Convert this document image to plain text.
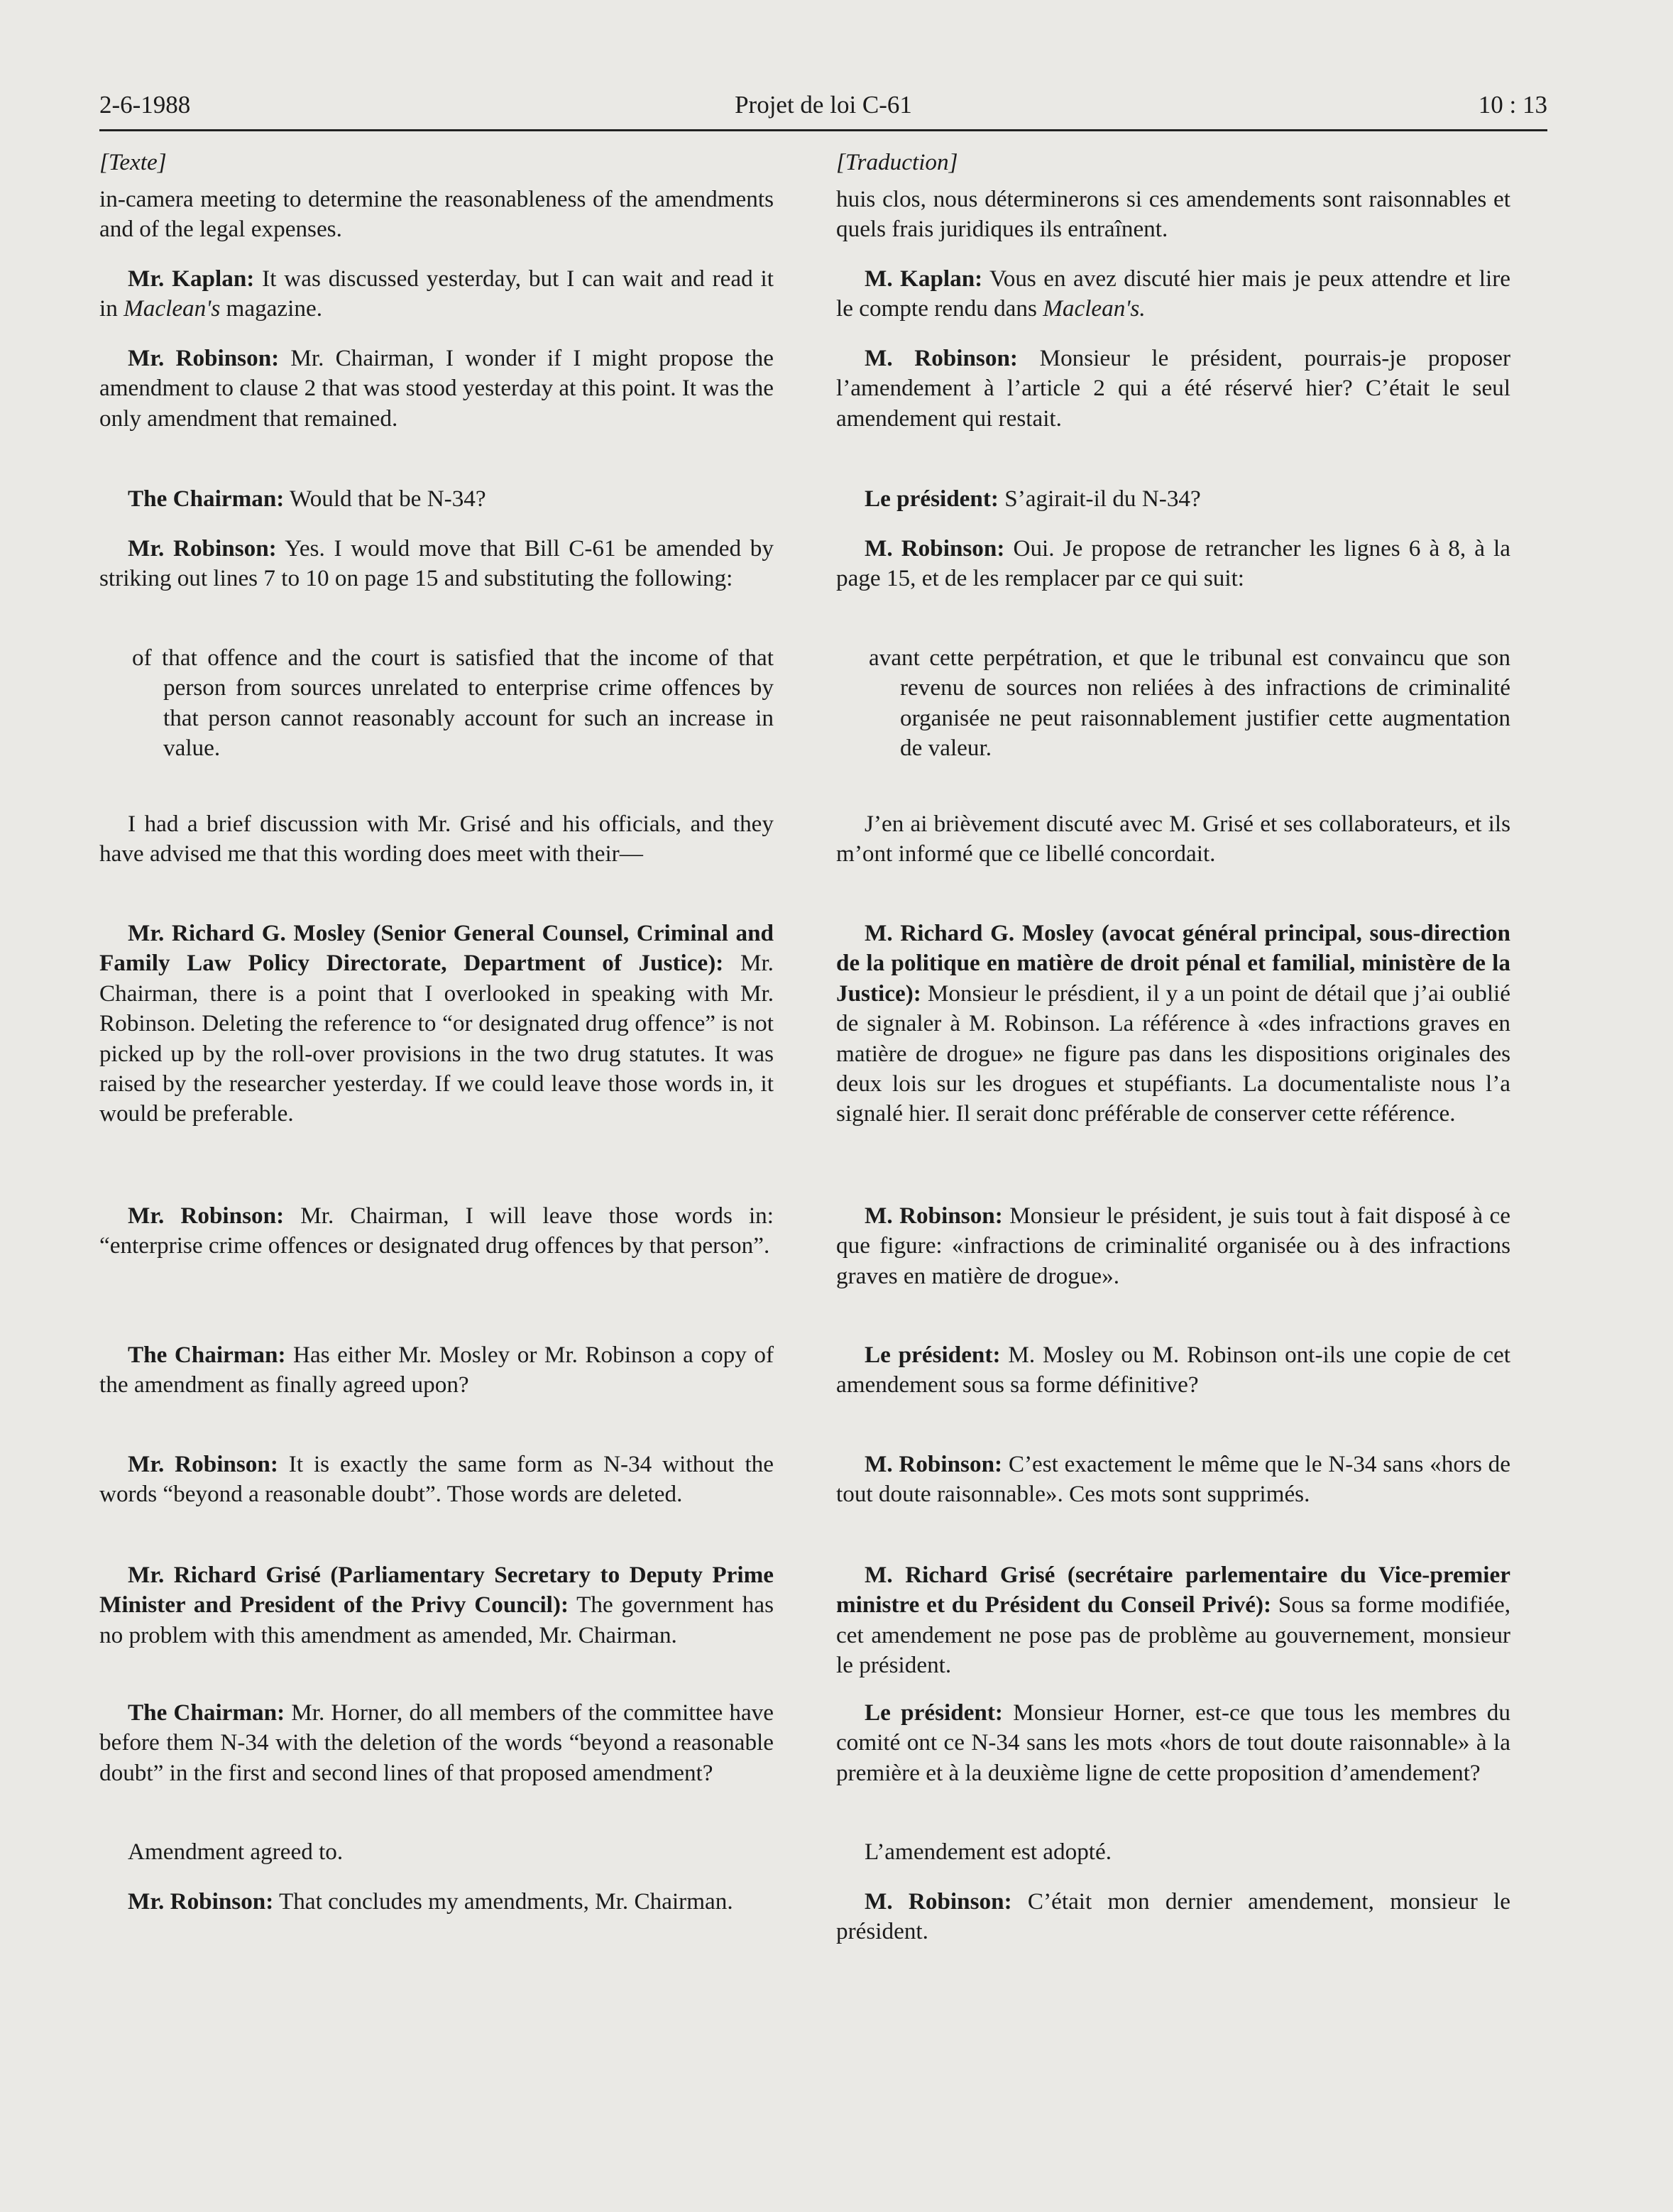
2-6-1988	Projet de loi C-61	10 : 13

[Texte]

in-camera meeting to determine the reasonableness of the amendments and of the legal expenses.

Mr. Kaplan: It was discussed yesterday, but I can wait and read it in Maclean's magazine.

Mr. Robinson: Mr. Chairman, I wonder if I might propose the amendment to clause 2 that was stood yesterday at this point. It was the only amendment that remained.

The Chairman: Would that be N-34?

Mr. Robinson: Yes. I would move that Bill C-61 be amended by striking out lines 7 to 10 on page 15 and substituting the following:

of that offence and the court is satisfied that the income of that person from sources unrelated to enterprise crime offences by that person cannot reasonably account for such an increase in value.

I had a brief discussion with Mr. Grisé and his officials, and they have advised me that this wording does meet with their—

Mr. Richard G. Mosley (Senior General Counsel, Criminal and Family Law Policy Directorate, Department of Justice): Mr. Chairman, there is a point that I overlooked in speaking with Mr. Robinson. Deleting the reference to “or designated drug offence” is not picked up by the roll-over provisions in the two drug statutes. It was raised by the researcher yesterday. If we could leave those words in, it would be preferable.

Mr. Robinson: Mr. Chairman, I will leave those words in: “enterprise crime offences or designated drug offences by that person”.

The Chairman: Has either Mr. Mosley or Mr. Robinson a copy of the amendment as finally agreed upon?

Mr. Robinson: It is exactly the same form as N-34 without the words “beyond a reasonable doubt”. Those words are deleted.

Mr. Richard Grisé (Parliamentary Secretary to Deputy Prime Minister and President of the Privy Council): The government has no problem with this amendment as amended, Mr. Chairman.

The Chairman: Mr. Horner, do all members of the committee have before them N-34 with the deletion of the words “beyond a reasonable doubt” in the first and second lines of that proposed amendment?

Amendment agreed to.

Mr. Robinson: That concludes my amendments, Mr. Chairman.

[Traduction]

huis clos, nous déterminerons si ces amendements sont raisonnables et quels frais juridiques ils entraînent.

M. Kaplan: Vous en avez discuté hier mais je peux attendre et lire le compte rendu dans Maclean's.

M. Robinson: Monsieur le président, pourrais-je proposer l’amendement à l’article 2 qui a été réservé hier? C’était le seul amendement qui restait.

Le président: S’agirait-il du N-34?

M. Robinson: Oui. Je propose de retrancher les lignes 6 à 8, à la page 15, et de les remplacer par ce qui suit:

avant cette perpétration, et que le tribunal est convaincu que son revenu de sources non reliées à des infractions de criminalité organisée ne peut raisonnablement justifier cette augmentation de valeur.

J’en ai brièvement discuté avec M. Grisé et ses collaborateurs, et ils m’ont informé que ce libellé concordait.

M. Richard G. Mosley (avocat général principal, sous-direction de la politique en matière de droit pénal et familial, ministère de la Justice): Monsieur le présdient, il y a un point de détail que j’ai oublié de signaler à M. Robinson. La référence à «des infractions graves en matière de drogue» ne figure pas dans les dispositions originales des deux lois sur les drogues et stupéfiants. La documentaliste nous l’a signalé hier. Il serait donc préférable de conserver cette référence.

M. Robinson: Monsieur le président, je suis tout à fait disposé à ce que figure: «infractions de criminalité organisée ou à des infractions graves en matière de drogue».

Le président: M. Mosley ou M. Robinson ont-ils une copie de cet amendement sous sa forme définitive?

M. Robinson: C’est exactement le même que le N-34 sans «hors de tout doute raisonnable». Ces mots sont supprimés.

M. Richard Grisé (secrétaire parlementaire du Vice-premier ministre et du Président du Conseil Privé): Sous sa forme modifiée, cet amendement ne pose pas de problème au gouvernement, monsieur le président.

Le président: Monsieur Horner, est-ce que tous les membres du comité ont ce N-34 sans les mots «hors de tout doute raisonnable» à la première et à la deuxième ligne de cette proposition d’amendement?

L’amendement est adopté.

M. Robinson: C’était mon dernier amendement, monsieur le président.
